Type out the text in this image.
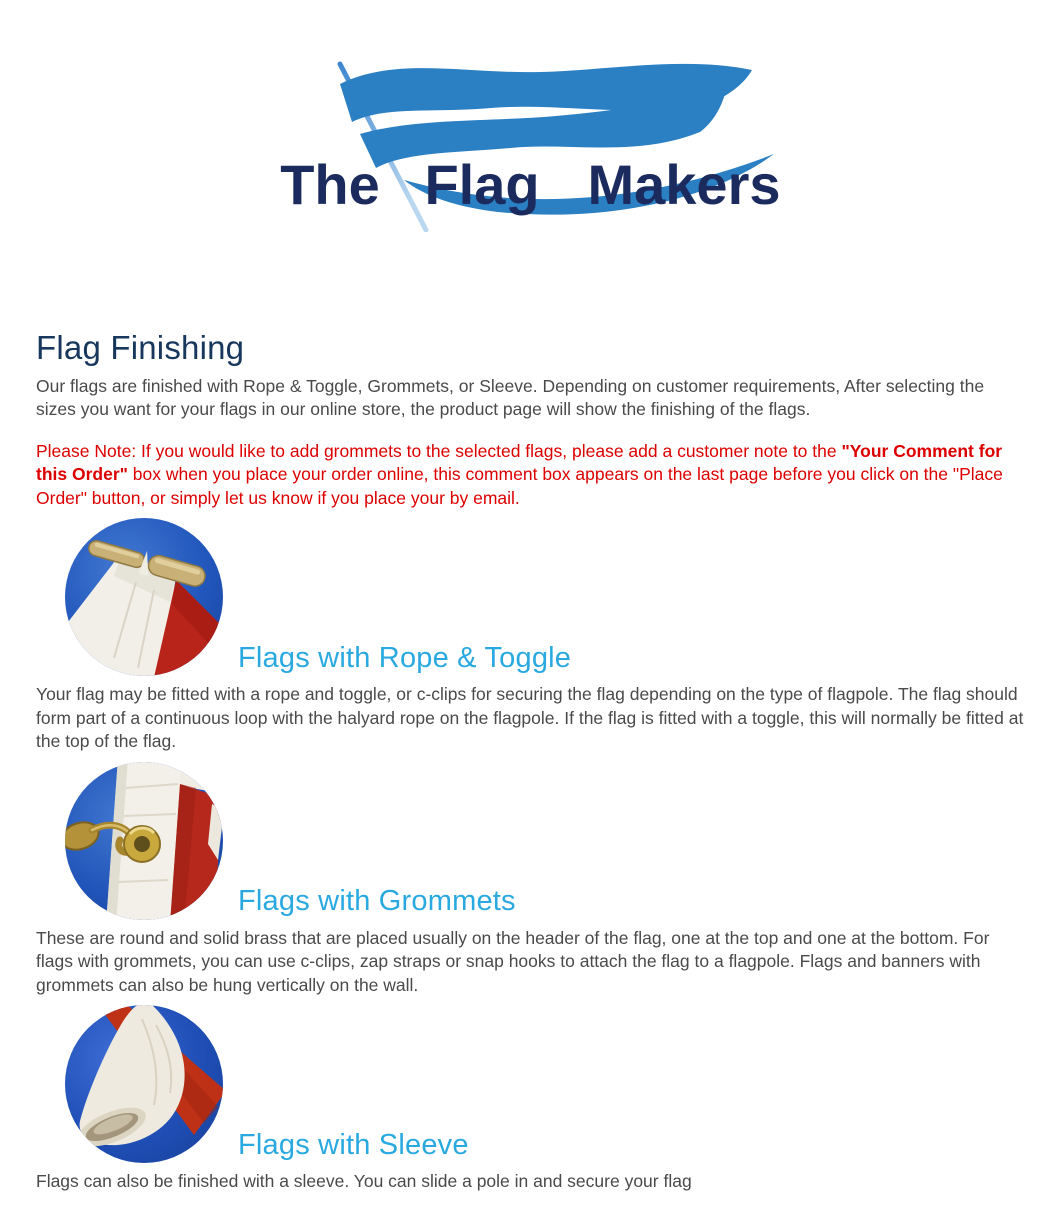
The Flag Makers
Flag Finishing

Our flags are finished with Rope & Toggle, Grommets, or Sleeve. Depending on customer requirements, After selecting the sizes you want for your flags in our online store, the product page will show the finishing of the flags.

Please Note: If you would like to add grommets to the selected flags, please add a customer note to the "Your Comment for this Order" box when you place your order online, this comment box appears on the last page before you click on the "Place Order" button, or simply let us know if you place your by email.

Flags with Rope & Toggle

Your flag may be fitted with a rope and toggle, or c-clips for securing the flag depending on the type of flagpole. The flag should form part of a continuous loop with the halyard rope on the flagpole. If the flag is fitted with a toggle, this will normally be fitted at the top of the flag.

Flags with Grommets

These are round and solid brass that are placed usually on the header of the flag, one at the top and one at the bottom. For flags with grommets, you can use c-clips, zap straps or snap hooks to attach the flag to a flagpole. Flags and banners with grommets can also be hung vertically on the wall.

Flags with Sleeve

Flags can also be finished with a sleeve. You can slide a pole in and secure your flag
